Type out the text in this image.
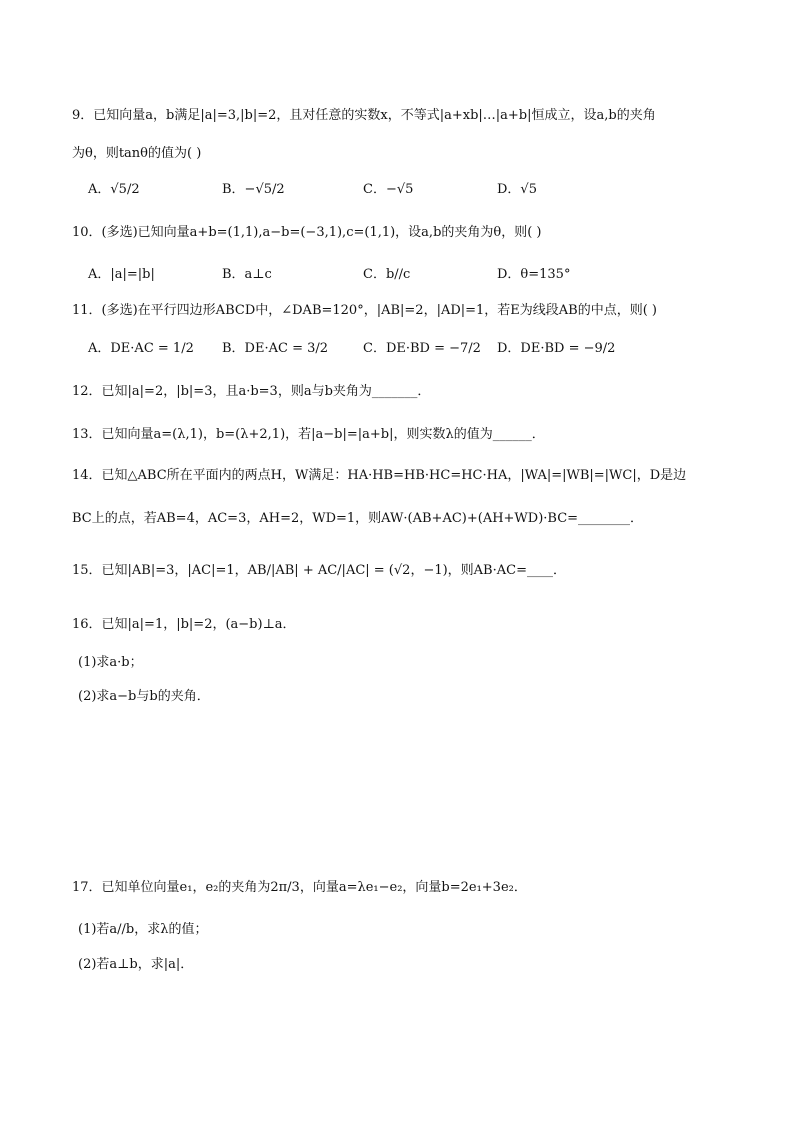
9．已知向量a，b满足|a|=3,|b|=2，且对任意的实数x，不等式|a+xb|…|a+b|恒成立，设a,b的夹角
为θ，则tanθ的值为( )
A．√5/2	B．−√5/2	C．−√5	D．√5
10．(多选)已知向量a+b=(1,1),a−b=(−3,1),c=(1,1)，设a,b的夹角为θ，则( )
A．|a|=|b|	B．a⊥c	C．b//c	D．θ=135°
11．(多选)在平行四边形ABCD中，∠DAB=120°，|AB|=2，|AD|=1，若E为线段AB的中点，则( )
A．DE·AC = 1/2 B．DE·AC = 3/2	C．DE·BD = −7/2 D．DE·BD = −9/2
12．已知|a|=2，|b|=3，且a·b=3，则a与b夹角为_______．
13．已知向量a=(λ,1)，b=(λ+2,1)，若|a−b|=|a+b|，则实数λ的值为______．
14．已知△ABC所在平面内的两点H，W满足：HA·HB=HB·HC=HC·HA，|WA|=|WB|=|WC|，D是边
BC上的点，若AB=4，AC=3，AH=2，WD=1，则AW·(AB+AC)+(AH+WD)·BC=________．
15．已知|AB|=3，|AC|=1，AB/|AB| + AC/|AC| = (√2，−1)，则AB·AC=____．
16．已知|a|=1，|b|=2，(a−b)⊥a．
(1)求a·b；
(2)求a−b与b的夹角．
17．已知单位向量e₁，e₂的夹角为2π/3，向量a=λe₁−e₂，向量b=2e₁+3e₂．
(1)若a//b，求λ的值；
(2)若a⊥b，求|a|．
